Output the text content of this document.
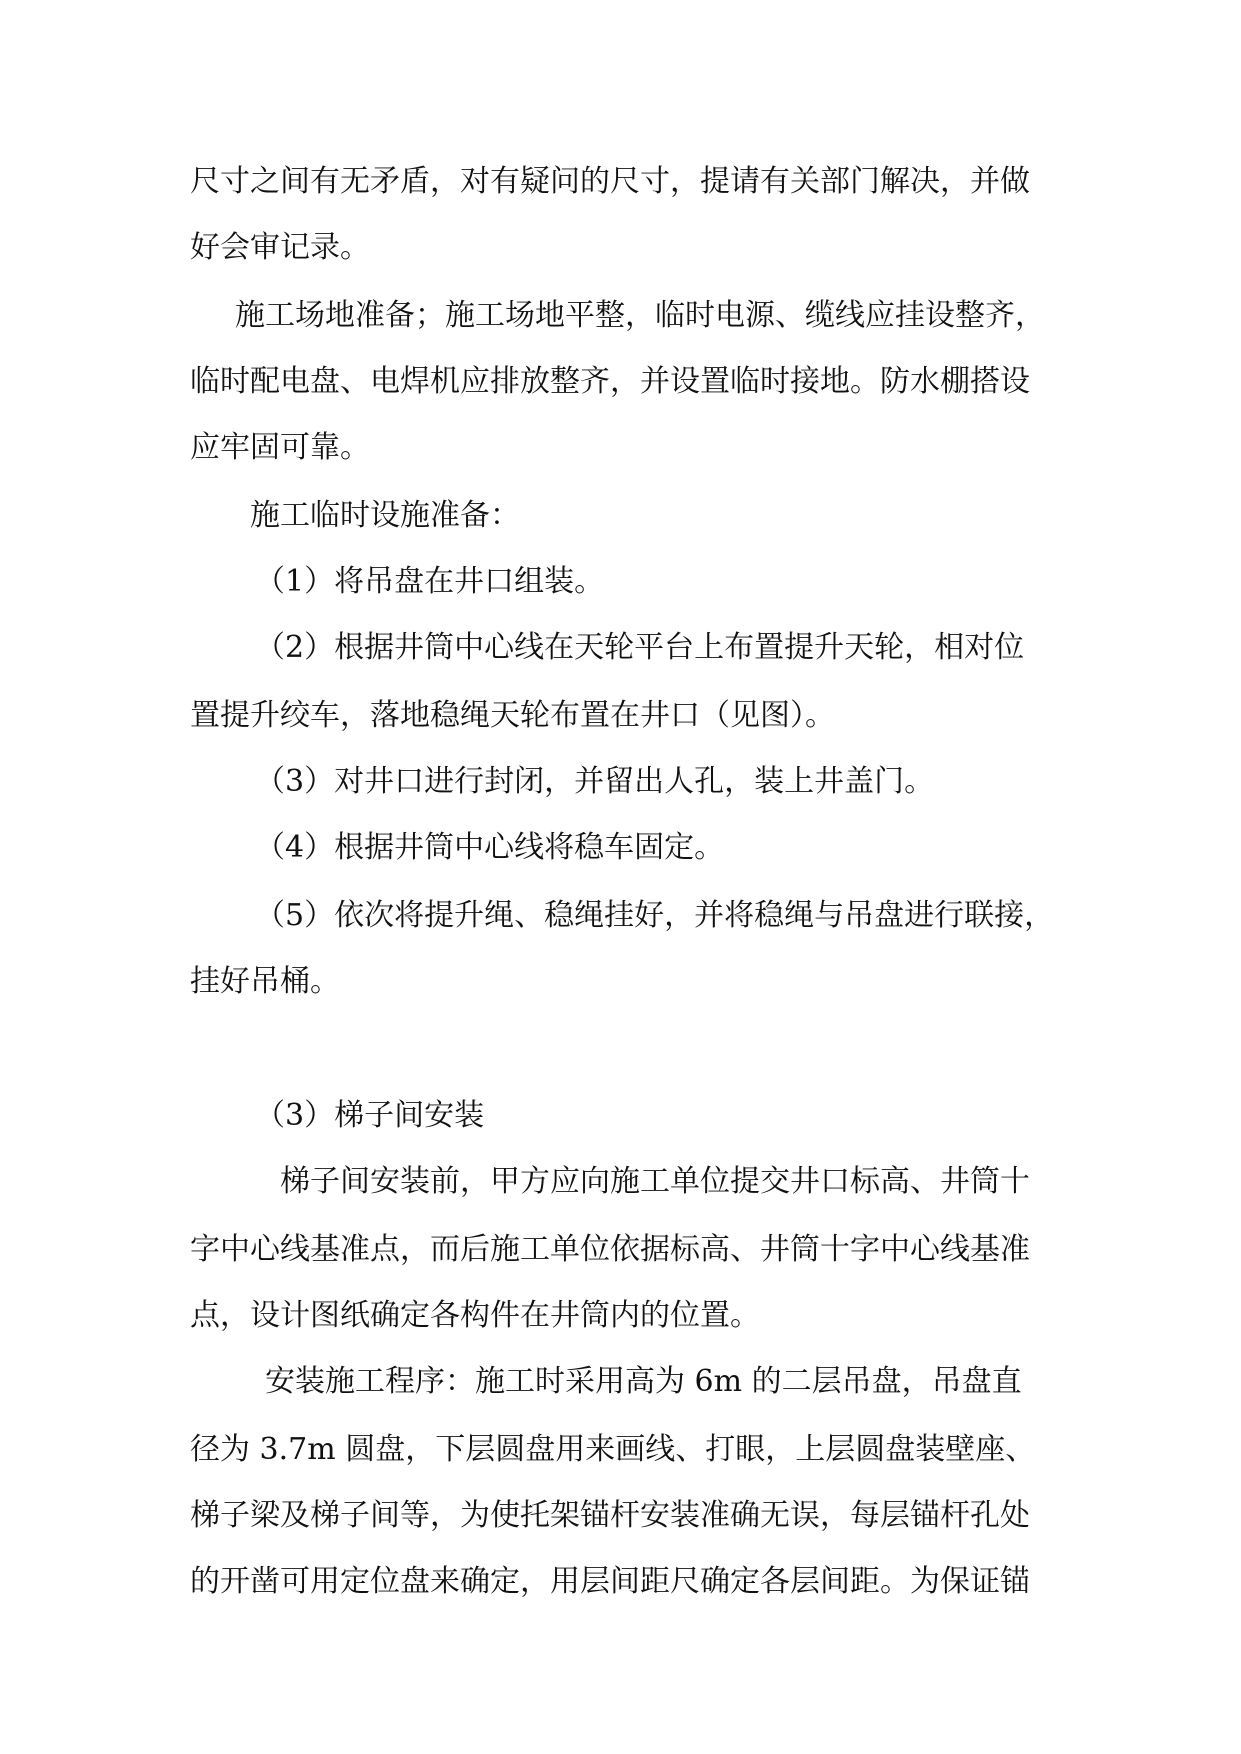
尺寸之间有无矛盾，对有疑问的尺寸，提请有关部门解决，并做
好会审记录。
施工场地准备；施工场地平整，临时电源、缆线应挂设整齐，
临时配电盘、电焊机应排放整齐，并设置临时接地。防水棚搭设
应牢固可靠。
施工临时设施准备：
（1）将吊盘在井口组装。
（2）根据井筒中心线在天轮平台上布置提升天轮，相对位
置提升绞车，落地稳绳天轮布置在井口（见图）。
（3）对井口进行封闭，并留出人孔，装上井盖门。
（4）根据井筒中心线将稳车固定。
（5）依次将提升绳、稳绳挂好，并将稳绳与吊盘进行联接，
挂好吊桶。
（3）梯子间安装
梯子间安装前，甲方应向施工单位提交井口标高、井筒十
字中心线基准点，而后施工单位依据标高、井筒十字中心线基准
点，设计图纸确定各构件在井筒内的位置。
安装施工程序：施工时采用高为 6m 的二层吊盘，吊盘直
径为 3.7m 圆盘，下层圆盘用来画线、打眼，上层圆盘装壁座、
梯子梁及梯子间等，为使托架锚杆安装准确无误，每层锚杆孔处
的开凿可用定位盘来确定，用层间距尺确定各层间距。为保证锚
